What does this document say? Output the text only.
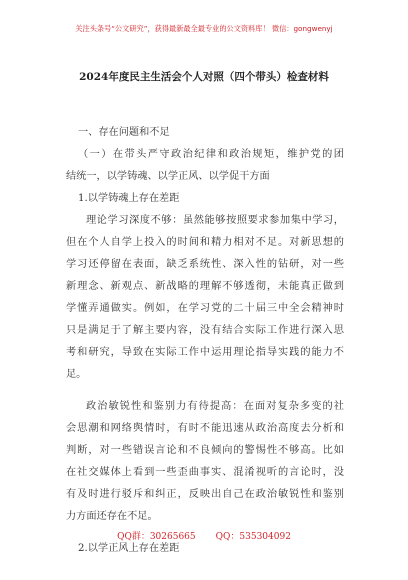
关注头条号“公文研究”，获得最新最全最专业的公文资料库！ 微信：gongwenyj
2024年度民主生活会个人对照（四个带头）检查材料
一、存在问题和不足
（一）在带头严守政治纪律和政治规矩，维护党的团
结统一，以学铸魂、以学正风、以学促干方面
1.以学铸魂上存在差距
理论学习深度不够：虽然能够按照要求参加集中学习，
但在个人自学上投入的时间和精力相对不足。对新思想的
学习还停留在表面，缺乏系统性、深入性的钻研，对一些
新理念、新观点、新战略的理解不够透彻，未能真正做到
学懂弄通做实。例如，在学习党的二十届三中全会精神时
只是满足于了解主要内容，没有结合实际工作进行深入思
考和研究，导致在实际工作中运用理论指导实践的能力不
足。
政治敏锐性和鉴别力有待提高：在面对复杂多变的社
会思潮和网络舆情时，有时不能迅速从政治高度去分析和
判断，对一些错误言论和不良倾向的警惕性不够高。比如
在社交媒体上看到一些歪曲事实、混淆视听的言论时，没
有及时进行驳斥和纠正，反映出自己在政治敏锐性和鉴别
力方面还存在不足。
2.以学正风上存在差距
QQ群：30265665 QQ：535304092
